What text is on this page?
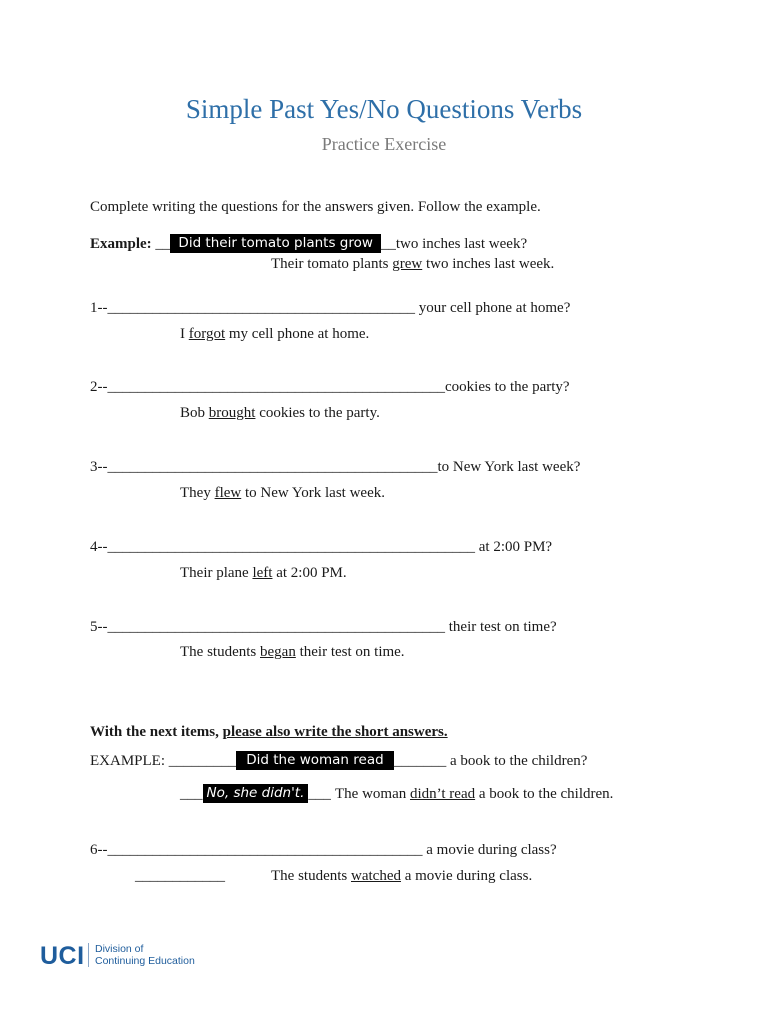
Simple Past Yes/No Questions Verbs
Practice Exercise
Complete writing the questions for the answers given. Follow the example.
Example: __ Did their tomato plants grow __two inches last week?
Their tomato plants grew two inches last week.
1--_________________________________________ your cell phone at home?
I forgot my cell phone at home.
2--_____________________________________________cookies to the party?
Bob brought cookies to the party.
3--____________________________________________to New York last week?
They flew to New York last week.
4--_________________________________________________ at 2:00 PM?
Their plane left at 2:00 PM.
5--_____________________________________________ their test on time?
The students began their test on time.
With the next items, please also write the short answers.
EXAMPLE: _________ Did the woman read _______ a book to the children?
___ No, she didn't. ___ The woman didn’t read a book to the children.
6--__________________________________________ a movie during class?
____________	The students watched a movie during class.
UCI Division of
Continuing Education
